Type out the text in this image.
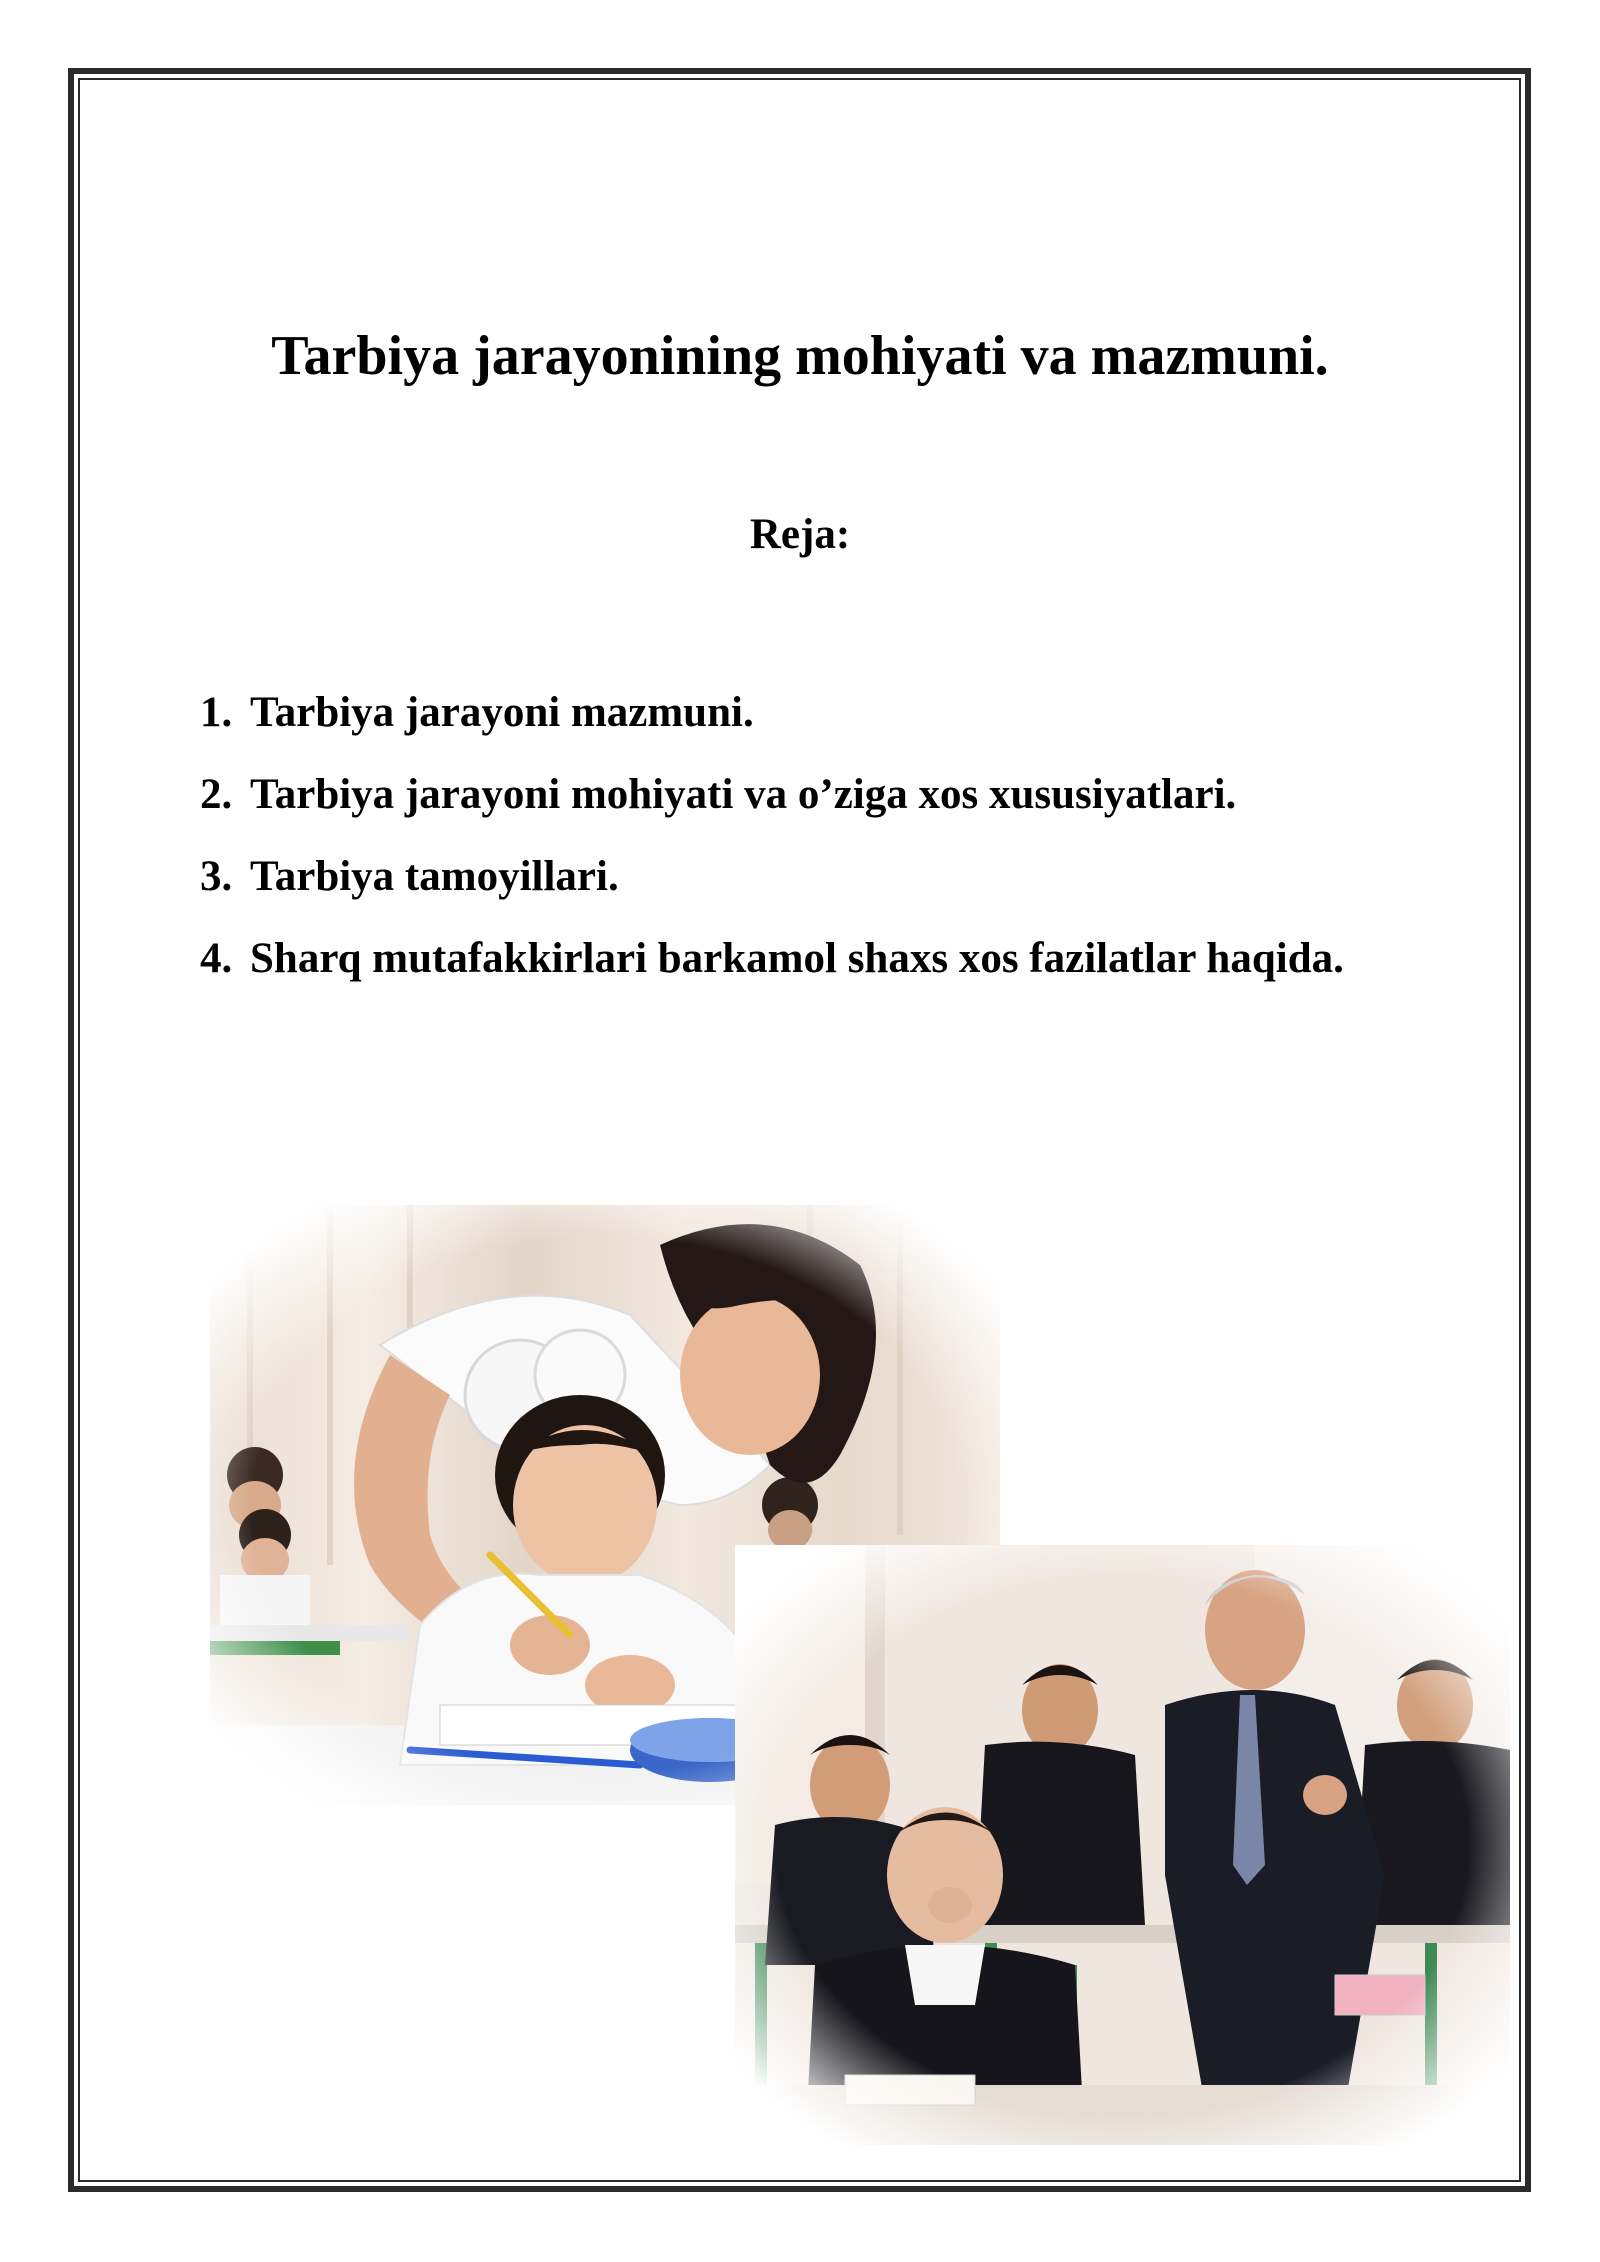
Tarbiya jarayonining mohiyati va mazmuni.
Reja:
1. Tarbiya jarayoni mazmuni.
2. Tarbiya jarayoni mohiyati va o’ziga xos xususiyatlari.
3. Tarbiya tamoyillari.
4. Sharq mutafakkirlari barkamol shaxs xos fazilatlar haqida.
